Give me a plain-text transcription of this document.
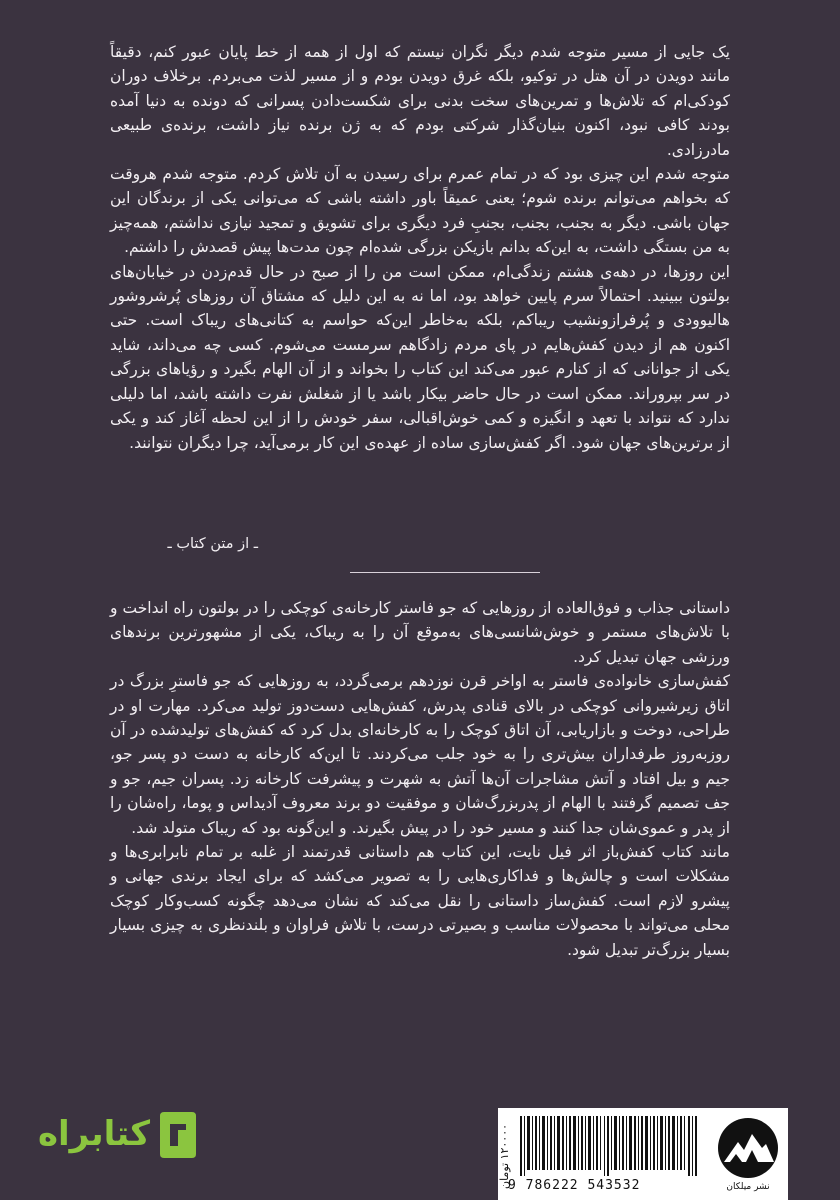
یک جایی از مسیر متوجه شدم دیگر نگران نیستم که اول از همه از خط پایان عبور کنم، دقیقاً مانند دویدن در آن هتل در توکیو، بلکه غرق دویدن بودم و از مسیر لذت می‌بردم. برخلاف دوران کودکی‌ام که تلاش‌ها و تمرین‌های سخت بدنی برای شکست‌دادن پسرانی که دونده به دنیا آمده بودند کافی نبود، اکنون بنیان‌گذار شرکتی بودم که به ژن برنده نیاز داشت، برنده‌ی طبیعی مادرزادی.

متوجه شدم این چیزی بود که در تمام عمرم برای رسیدن به آن تلاش کردم. متوجه شدم هروقت که بخواهم می‌توانم برنده شوم؛ یعنی عمیقاً باور داشته باشی که می‌توانی یکی از برندگان این جهان باشی. دیگر به بجنب، بجنب، بجنبِ فرد دیگری برای تشویق و تمجید نیازی نداشتم، همه‌چیز به من بستگی داشت، به این‌که بدانم بازیکن بزرگی شده‌ام چون مدت‌ها پیش قصدش را داشتم.

این روزها، در دهه‌ی هشتم زندگی‌ام، ممکن است من را از صبح در حال قدم‌زدن در خیابان‌های بولتون ببینید. احتمالاً سرم پایین خواهد بود، اما نه به این دلیل که مشتاق آن روزهای پُرشروشور هالیوودی و پُرفرازونشیب ریباکم، بلکه به‌خاطر این‌که حواسم به کتانی‌های ریباک است. حتی اکنون هم از دیدن کفش‌هایم در پای مردم زادگاهم سرمست می‌شوم. کسی چه می‌داند، شاید یکی از جوانانی که از کنارم عبور می‌کند این کتاب را بخواند و از آن الهام بگیرد و رؤیاهای بزرگی در سر بپروراند. ممکن است در حال حاضر بیکار باشد یا از شغلش نفرت داشته باشد، اما دلیلی ندارد که نتواند با تعهد و انگیزه و کمی خوش‌اقبالی، سفر خودش را از این لحظه آغاز کند و یکی از برترین‌های جهان شود. اگر کفش‌سازی ساده از عهده‌ی این کار برمی‌آید، چرا دیگران نتوانند.

ـ از متن کتاب ـ

داستانی جذاب و فوق‌العاده از روزهایی که جو فاستر کارخانه‌ی کوچکی را در بولتون راه انداخت و با تلاش‌های مستمر و خوش‌شانسی‌های به‌موقع آن را به ریباک، یکی از مشهورترین برندهای ورزشی جهان تبدیل کرد.

کفش‌سازی خانواده‌ی فاستر به اواخر قرن نوزدهم برمی‌گردد، به روزهایی که جو فاسترِ بزرگ در اتاق زیرشیروانی کوچکی در بالای قنادی پدرش، کفش‌هایی دست‌دوز تولید می‌کرد. مهارت او در طراحی، دوخت و بازاریابی، آن اتاق کوچک را به کارخانه‌ای بدل کرد که کفش‌های تولیدشده در آن روزبه‌روز طرفداران بیش‌تری را به خود جلب می‌کردند. تا این‌که کارخانه به دست دو پسر جو، جیم و بیل افتاد و آتش مشاجرات آن‌ها آتش به شهرت و پیشرفت کارخانه زد. پسران جیم، جو و جف تصمیم گرفتند با الهام از پدربزرگ‌شان و موفقیت دو برند معروف آدیداس و پوما، راه‌شان را از پدر و عموی‌شان جدا کنند و مسیر خود را در پیش بگیرند. و این‌گونه بود که ریباک متولد شد.

مانند کتاب کفش‌باز اثر فیل نایت، این کتاب هم داستانی قدرتمند از غلبه بر تمام نابرابری‌ها و مشکلات است و چالش‌ها و فداکاری‌هایی را به تصویر می‌کشد که برای ایجاد برندی جهانی و پیشرو لازم است. کفش‌ساز داستانی را نقل می‌کند که نشان می‌دهد چگونه کسب‌وکار کوچک محلی می‌تواند با محصولات مناسب و بصیرتی درست، با تلاش فراوان و بلندنظری به چیزی بسیار بسیار بزرگ‌تر تبدیل شود.

کتابراه
۱۲۰۰۰۰ تومان
9 786222 543532	نشر میلکان
